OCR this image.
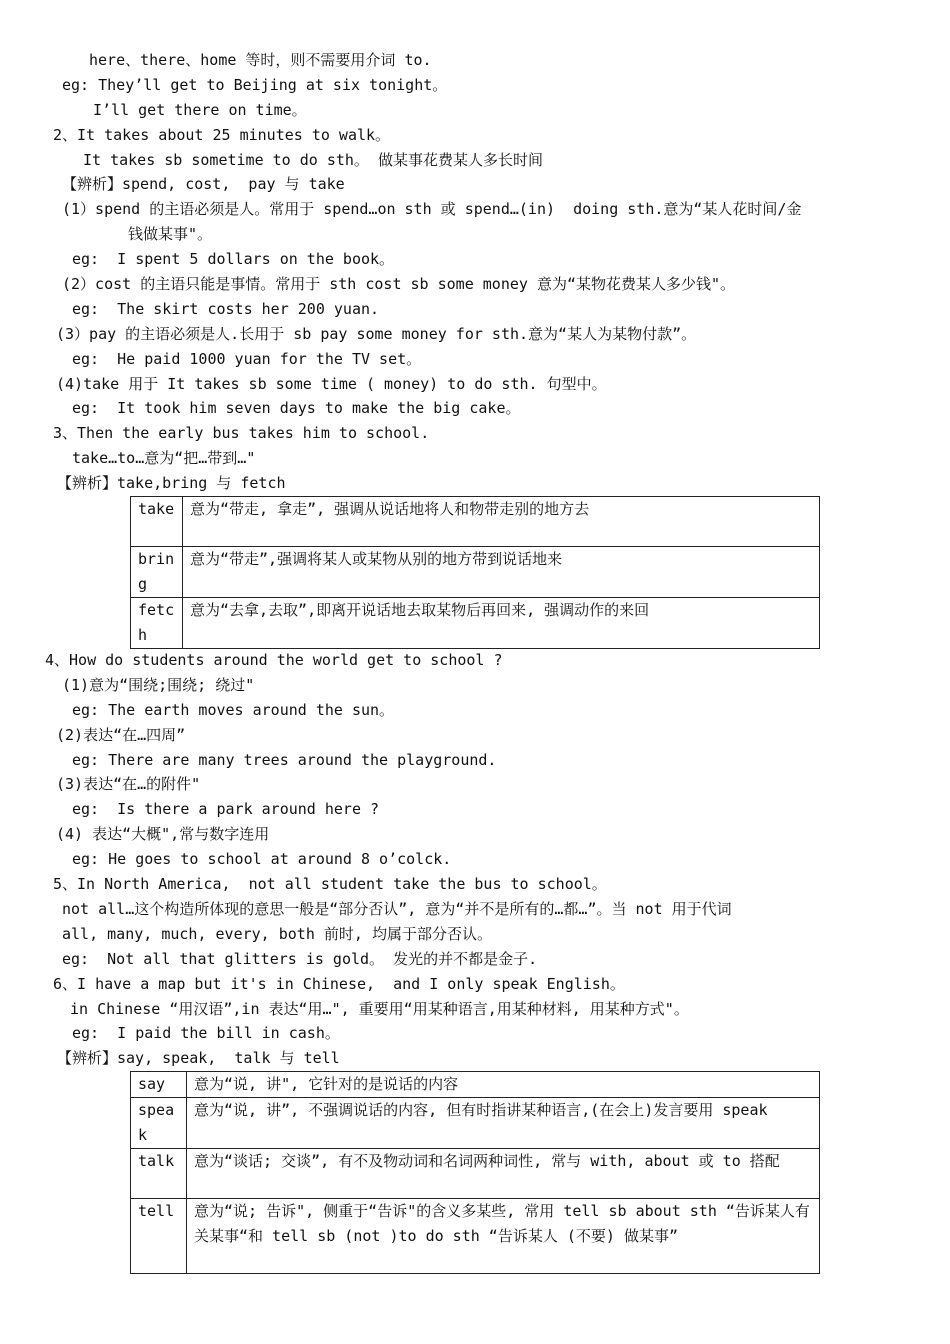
here、there、home 等时，则不需要用介词 to.
eg: They’ll get to Beijing at six tonight。
I’ll get there on time。
2、It takes about 25 minutes to walk。
It takes sb sometime to do sth。 做某事花费某人多长时间
【辨析】spend, cost,  pay 与 take
(1）spend 的主语必须是人。常用于 spend…on sth 或 spend…(in)  doing sth.意为“某人花时间/金
钱做某事"。
eg:  I spent 5 dollars on the book。
(2）cost 的主语只能是事情。常用于 sth cost sb some money 意为“某物花费某人多少钱"。
eg:  The skirt costs her 200 yuan.
(3）pay 的主语必须是人.长用于 sb pay some money for sth.意为“某人为某物付款”。
eg:  He paid 1000 yuan for the TV set。
(4)take 用于 It takes sb some time ( money) to do sth. 句型中。
eg:  It took him seven days to make the big cake。
3、Then the early bus takes him to school.
take…to…意为“把…带到…"
【辨析】take,bring 与 fetch
take	意为“带走, 拿走”, 强调从说话地将人和物带走别的地方去
bring	意为“带走”,强调将某人或某物从别的地方带到说话地来
fetch	意为“去拿,去取”,即离开说话地去取某物后再回来, 强调动作的来回
4、How do students around the world get to school ?
(1)意为“围绕;围绕; 绕过"
eg: The earth moves around the sun。
(2)表达“在…四周”
eg: There are many trees around the playground.
(3)表达“在…的附件"
eg:  Is there a park around here ?
(4) 表达“大概",常与数字连用
eg: He goes to school at around 8 o’colck.
5、In North America,  not all student take the bus to school。
not all…这个构造所体现的意思一般是“部分否认”, 意为“并不是所有的…都…”。当 not 用于代词
all, many, much, every, both 前时, 均属于部分否认。
eg:  Not all that glitters is gold。 发光的并不都是金子.
6、I have a map but it's in Chinese,  and I only speak English。
in Chinese “用汉语”,in 表达“用…", 重要用“用某种语言,用某种材料, 用某种方式"。
eg:  I paid the bill in cash。
【辨析】say, speak,  talk 与 tell
say	意为“说, 讲", 它针对的是说话的内容
speak	意为“说, 讲”, 不强调说话的内容, 但有时指讲某种语言,(在会上)发言要用 speak
talk	意为“谈话; 交谈”, 有不及物动词和名词两种词性, 常与 with, about 或 to 搭配
tell	意为“说; 告诉", 侧重于“告诉"的含义多某些, 常用 tell sb about sth “告诉某人有关某事“和 tell sb (not )to do sth “告诉某人 (不要) 做某事”
